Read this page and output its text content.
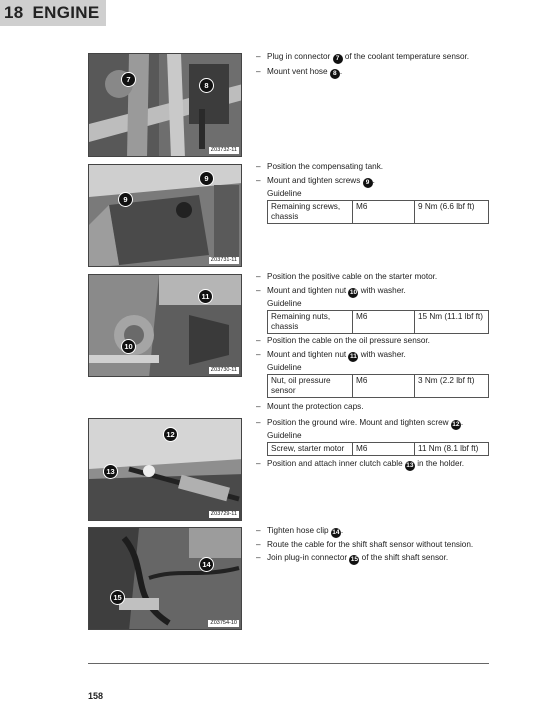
18 ENGINE
7
8
Z03732-11
9
9
Z03731-11
11
10
Z03730-11
12
13
Z03729-11
14
15
Z03754-10
– Plug in connector 7 of the coolant temperature sensor.
– Mount vent hose 8 .
– Position the compensating tank.
– Mount and tighten screws 9 .
Guideline
Remaining screws, chassis	M6	9 Nm (6.6 lbf ft)
– Position the positive cable on the starter motor.
– Mount and tighten nut 10 with washer.
Guideline
Remaining nuts, chassis	M6	15 Nm (11.1 lbf ft)
– Position the cable on the oil pressure sensor.
– Mount and tighten nut 11 with washer.
Guideline
Nut, oil pressure sensor	M6	3 Nm (2.2 lbf ft)
– Mount the protection caps.
– Position the ground wire. Mount and tighten screw 12.
Guideline
Screw, starter motor	M6	11 Nm (8.1 lbf ft)
– Position and attach inner clutch cable 13 in the holder.
– Tighten hose clip 14.
– Route the cable for the shift shaft sensor without tension.
– Join plug-in connector 15 of the shift shaft sensor.
158
